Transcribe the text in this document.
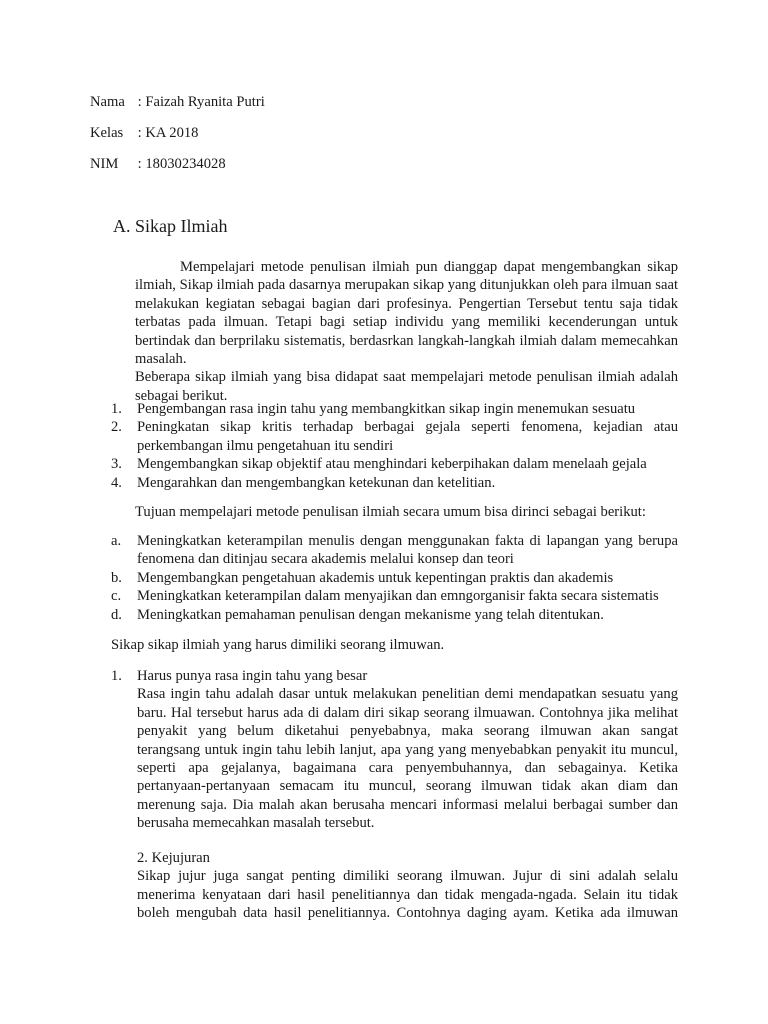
Nama : Faizah Ryanita Putri
Kelas : KA 2018
NIM : 18030234028
A. Sikap Ilmiah

Mempelajari metode penulisan ilmiah pun dianggap dapat mengembangkan sikap ilmiah, Sikap ilmiah pada dasarnya merupakan sikap yang ditunjukkan oleh para ilmuan saat melakukan kegiatan sebagai bagian dari profesinya. Pengertian Tersebut tentu saja tidak terbatas pada ilmuan. Tetapi bagi setiap individu yang memiliki kecenderungan untuk bertindak dan berprilaku sistematis, berdasrkan langkah-langkah ilmiah dalam memecahkan masalah.

Beberapa sikap ilmiah yang bisa didapat saat mempelajari metode penulisan ilmiah adalah sebagai berikut.

1. Pengembangan rasa ingin tahu yang membangkitkan sikap ingin menemukan sesuatu
2. Peningkatan sikap kritis terhadap berbagai gejala seperti fenomena, kejadian atau perkembangan ilmu pengetahuan itu sendiri
3. Mengembangkan sikap objektif atau menghindari keberpihakan dalam menelaah gejala
4. Mengarahkan dan mengembangkan ketekunan dan ketelitian.
Tujuan mempelajari metode penulisan ilmiah secara umum bisa dirinci sebagai berikut:
a. Meningkatkan keterampilan menulis dengan menggunakan fakta di lapangan yang berupa fenomena dan ditinjau secara akademis melalui konsep dan teori
b. Mengembangkan pengetahuan akademis untuk kepentingan praktis dan akademis
c. Meningkatkan keterampilan dalam menyajikan dan emngorganisir fakta secara sistematis
d. Meningkatkan pemahaman penulisan dengan mekanisme yang telah ditentukan.
Sikap sikap ilmiah yang harus dimiliki seorang ilmuwan.
1. Harus punya rasa ingin tahu yang besar

Rasa ingin tahu adalah dasar untuk melakukan penelitian demi mendapatkan sesuatu yang baru. Hal tersebut harus ada di dalam diri sikap seorang ilmuawan. Contohnya jika melihat penyakit yang belum diketahui penyebabnya, maka seorang ilmuwan akan sangat terangsang untuk ingin tahu lebih lanjut, apa yang yang menyebabkan penyakit itu muncul, seperti apa gejalanya, bagaimana cara penyembuhannya, dan sebagainya. Ketika pertanyaan-pertanyaan semacam itu muncul, seorang ilmuwan tidak akan diam dan merenung saja. Dia malah akan berusaha mencari informasi melalui berbagai sumber dan berusaha memecahkan masalah tersebut.

2. Kejujuran

Sikap jujur juga sangat penting dimiliki seorang ilmuwan. Jujur di sini adalah selalu menerima kenyataan dari hasil penelitiannya dan tidak mengada-ngada. Selain itu tidak boleh mengubah data hasil penelitiannya. Contohnya daging ayam. Ketika ada ilmuwan
